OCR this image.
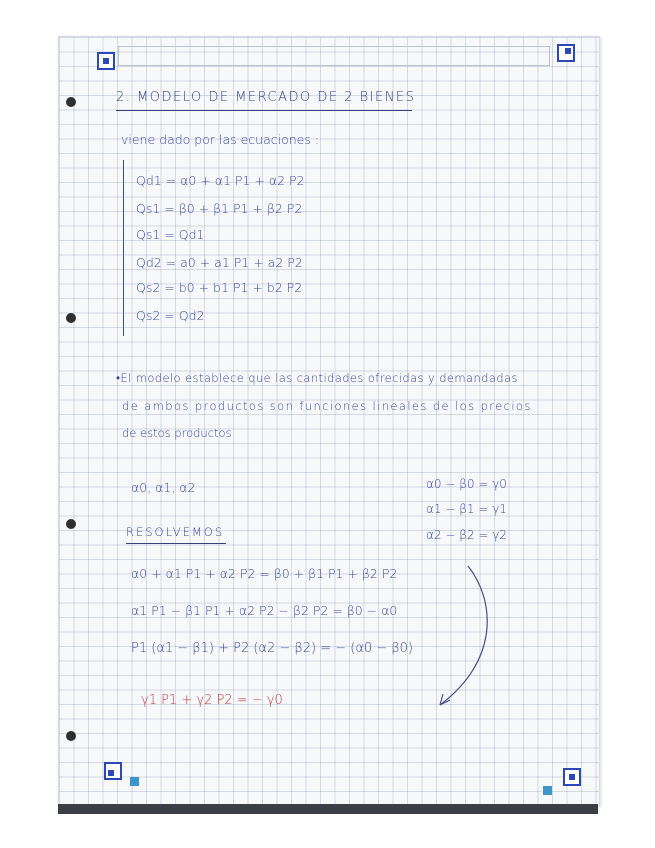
2. MODELO DE MERCADO DE 2 BIENES
viene dado por las ecuaciones :
Qd1 = α0 + α1 P1 + α2 P2
Qs1 = β0 + β1 P1 + β2 P2
Qs1 = Qd1
Qd2 = a0 + a1 P1 + a2 P2
Qs2 = b0 + b1 P1 + b2 P2
Qs2 = Qd2
•El modelo establece que las cantidades ofrecidas y demandadas
de ambos productos son funciones lineales de los precios
de estos productos
α0, α1, α2	α0 − β0 = γ0
α1 − β1 = γ1
α2 − β2 = γ2
RESOLVEMOS
α0 + α1 P1 + α2 P2 = β0 + β1 P1 + β2 P2
α1 P1 − β1 P1 + α2 P2 − β2 P2 = β0 − α0
P1 (α1 − β1) + P2 (α2 − β2) = − (α0 − β0)
γ1 P1 + γ2 P2 = − γ0
